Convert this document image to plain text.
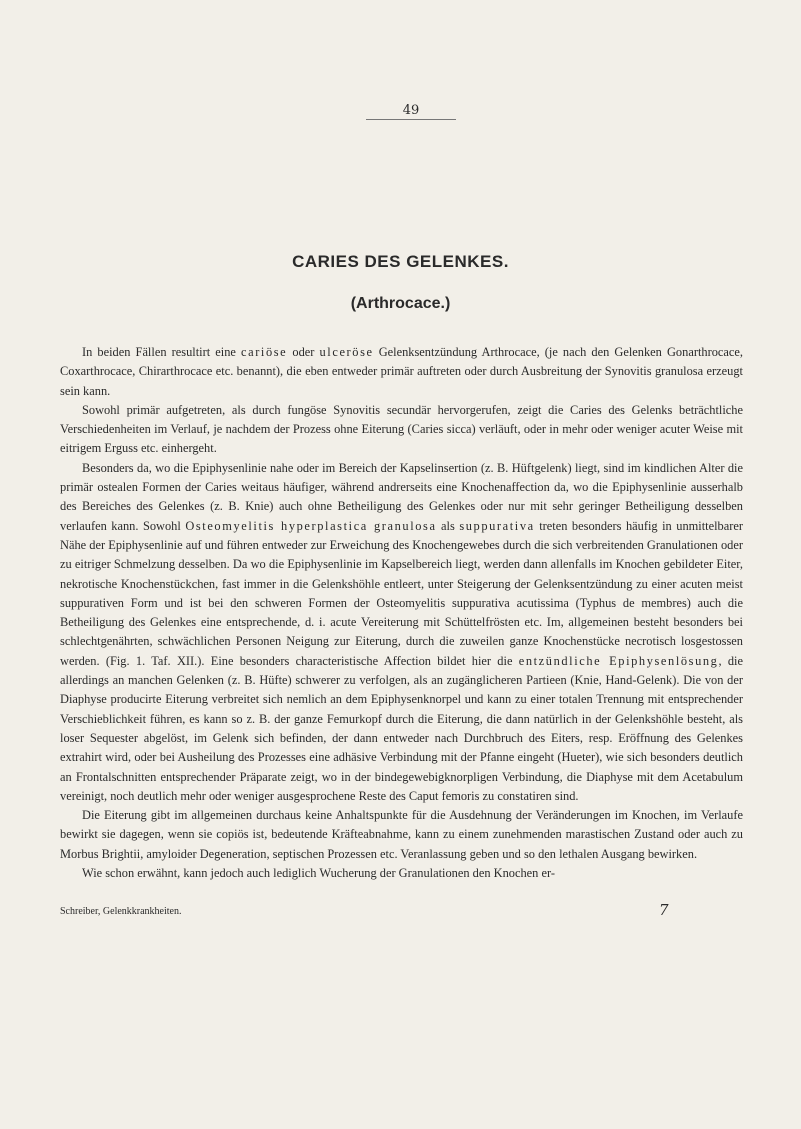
49
CARIES DES GELENKES.
(Arthrocace.)

In beiden Fällen resultirt eine cariöse oder ulceröse Gelenksentzündung Arthrocace, (je nach den Gelenken Gonarthrocace, Coxarthrocace, Chirarthrocace etc. benannt), die eben entweder primär auftreten oder durch Ausbreitung der Synovitis granulosa erzeugt sein kann.

Sowohl primär aufgetreten, als durch fungöse Synovitis secundär hervorgerufen, zeigt die Caries des Gelenks beträchtliche Verschiedenheiten im Verlauf, je nachdem der Prozess ohne Eiterung (Caries sicca) verläuft, oder in mehr oder weniger acuter Weise mit eitrigem Erguss etc. einhergeht.

Besonders da, wo die Epiphysenlinie nahe oder im Bereich der Kapselinsertion (z. B. Hüftgelenk) liegt, sind im kindlichen Alter die primär ostealen Formen der Caries weitaus häufiger, während andrerseits eine Knochenaffection da, wo die Epiphysenlinie ausserhalb des Bereiches des Gelenkes (z. B. Knie) auch ohne Betheiligung des Gelenkes oder nur mit sehr geringer Betheiligung desselben verlaufen kann. Sowohl Osteomyelitis hyperplastica granulosa als suppurativa treten besonders häufig in unmittelbarer Nähe der Epiphysenlinie auf und führen entweder zur Erweichung des Knochengewebes durch die sich verbreitenden Granulationen oder zu eitriger Schmelzung desselben. Da wo die Epiphysenlinie im Kapselbereich liegt, werden dann allenfalls im Knochen gebildeter Eiter, nekrotische Knochenstückchen, fast immer in die Gelenkshöhle entleert, unter Steigerung der Gelenksentzündung zu einer acuten meist suppurativen Form und ist bei den schweren Formen der Osteomyelitis suppurativa acutissima (Typhus de membres) auch die Betheiligung des Gelenkes eine entsprechende, d. i. acute Vereiterung mit Schüttelfrösten etc. Im, allgemeinen besteht besonders bei schlechtgenährten, schwächlichen Personen Neigung zur Eiterung, durch die zuweilen ganze Knochenstücke necrotisch losgestossen werden. (Fig. 1. Taf. XII.). Eine besonders characteristische Affection bildet hier die entzündliche Epiphysenlösung, die allerdings an manchen Gelenken (z. B. Hüfte) schwerer zu verfolgen, als an zugänglicheren Partieen (Knie, Hand-Gelenk). Die von der Diaphyse producirte Eiterung verbreitet sich nemlich an dem Epiphysenknorpel und kann zu einer totalen Trennung mit entsprechender Verschieblichkeit führen, es kann so z. B. der ganze Femurkopf durch die Eiterung, die dann natürlich in der Gelenkshöhle besteht, als loser Sequester abgelöst, im Gelenk sich befinden, der dann entweder nach Durchbruch des Eiters, resp. Eröffnung des Gelenkes extrahirt wird, oder bei Ausheilung des Prozesses eine adhäsive Verbindung mit der Pfanne eingeht (Hueter), wie sich besonders deutlich an Frontalschnitten entsprechender Präparate zeigt, wo in der bindegewebigknorpligen Verbindung, die Diaphyse mit dem Acetabulum vereinigt, noch deutlich mehr oder weniger ausgesprochene Reste des Caput femoris zu constatiren sind.

Die Eiterung gibt im allgemeinen durchaus keine Anhaltspunkte für die Ausdehnung der Veränderungen im Knochen, im Verlaufe bewirkt sie dagegen, wenn sie copiös ist, bedeutende Kräfteabnahme, kann zu einem zunehmenden marastischen Zustand oder auch zu Morbus Brightii, amyloider Degeneration, septischen Prozessen etc. Veranlassung geben und so den lethalen Ausgang bewirken.

Wie schon erwähnt, kann jedoch auch lediglich Wucherung der Granulationen den Knochen er-

Schreiber, Gelenkkrankheiten.	7
